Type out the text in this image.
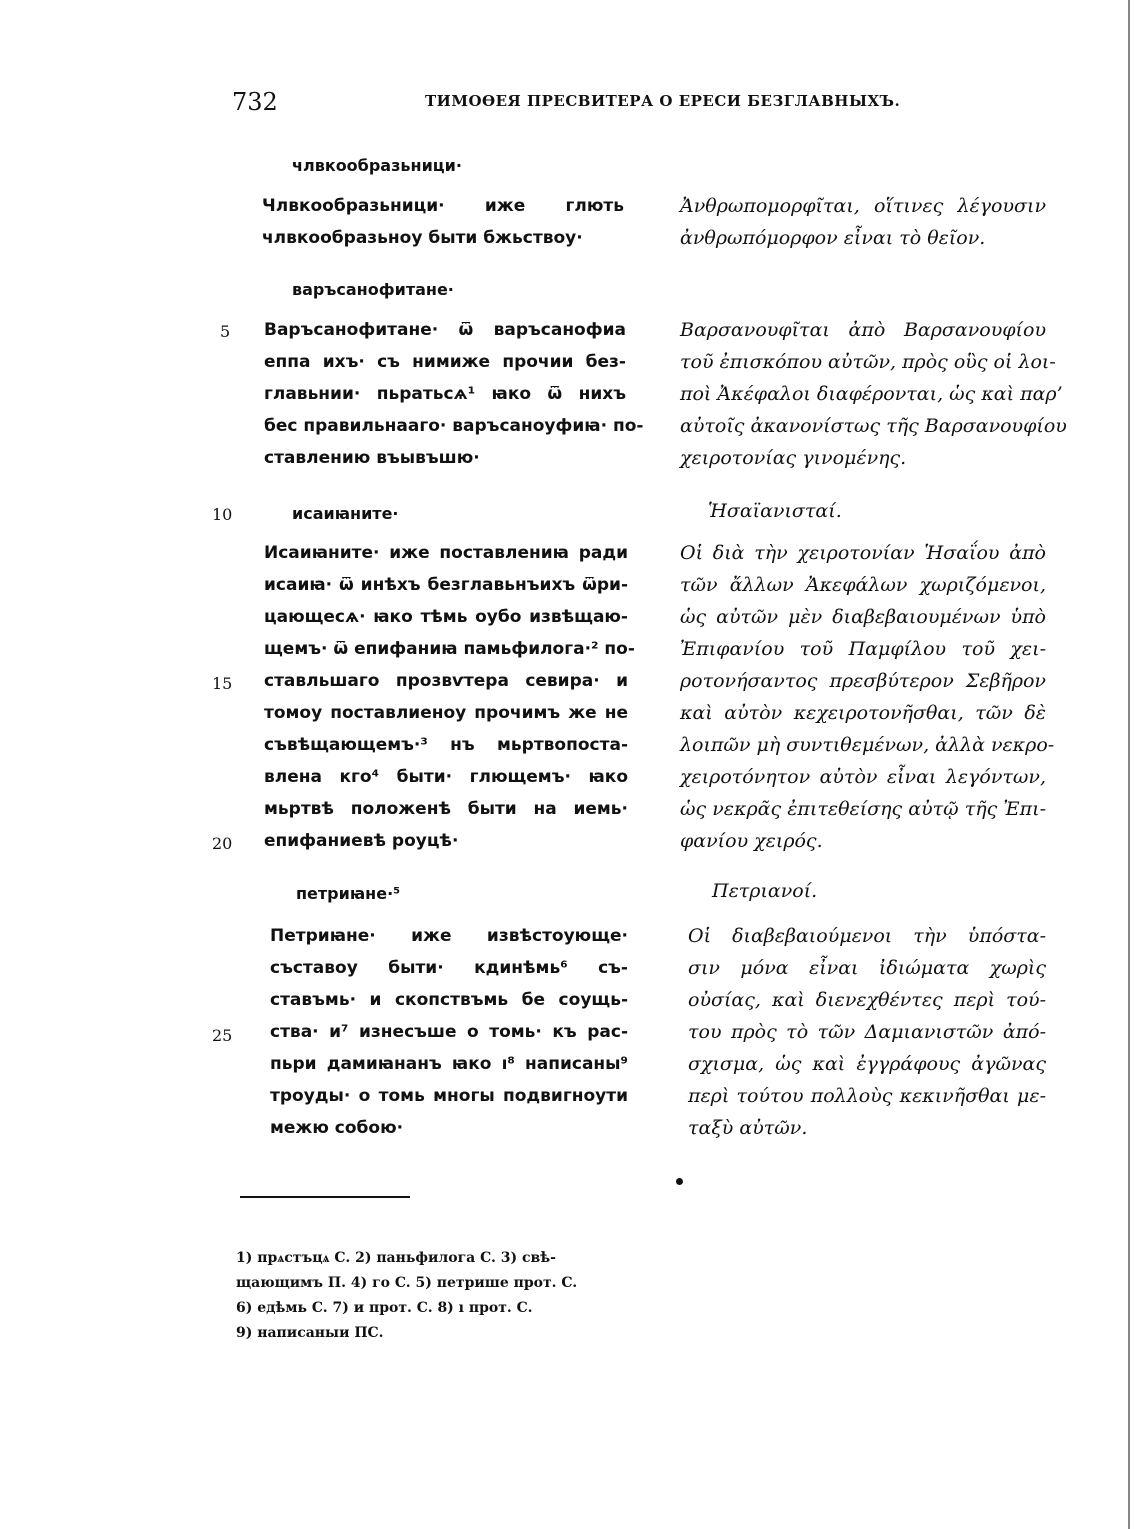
732	ТИМОѲЕЯ ПРЕСВИТЕРА О ЕРЕСИ БЕЗГЛАВНЫХЪ.
члвкообразьници·
Члвкообразьници· иже глють
члвкообразьноу быти бжьствоу·
Ἀνθρωπομορφῖται, οἵτινες λέγουσιν
ἀνθρωπόμορφον εἶναι τὸ θεῖον.
варъсанофитане·
5 Варъсанофитане· ѿ варъсанофиа
еппа ихъ· съ нимиже прочии без-
главьнии· пьратьсѧ¹ ꙗко ѿ нихъ
бес правильнааго· варъсаноуфиꙗ· по-
ставлению въывъшю·
Βαρσανουφῖται ἀπὸ Βαρσανουφίου
τοῦ ἐπισκόπου αὐτῶν, πρὸς οὓς οἱ λοι-
ποὶ Ἀκέφαλοι διαφέρονται, ὡς καὶ παρ’
αὐτοῖς ἀκανονίστως τῆς Βαρσανουφίου
χειροτονίας γινομένης.
10	исаиꙗните·	Ἡσαϊανισταί.
Исаиꙗните· иже поставлениꙗ ради
исаиꙗ· ѿ инѣхъ безглавьнъихъ ѿри-
цающесѧ· ꙗко тѣмь оубо извѣщаю-
щемъ· ѿ епифаниꙗ памьфилога·² по-
ставльшаго прозвѵтера севира· и
томоу поставлиеноу прочимъ же не
съвѣщающемъ·³ нъ мьртвопоста-
влена кго⁴ быти· глющемъ· ꙗко
мьртвѣ положенѣ быти на иемь·
епифаниевѣ роуцѣ·
15
20
Οἱ διὰ τὴν χειροτονίαν Ἡσαΐου ἀπὸ
τῶν ἄλλων Ἀκεφάλων χωριζόμενοι,
ὡς αὐτῶν μὲν διαβεβαιουμένων ὑπὸ
Ἐπιφανίου τοῦ Παμφίλου τοῦ χει-
ροτονήσαντος πρεσβύτερον Σεβῆρον
καὶ αὐτὸν κεχειροτονῆσθαι, τῶν δὲ
λοιπῶν μὴ συντιθεμένων, ἀλλὰ νεκρο-
χειροτόνητον αὐτὸν εἶναι λεγόντων,
ὡς νεκρᾶς ἐπιτεθείσης αὐτῷ τῆς Ἐπι-
φανίου χειρός.
петриꙗне·⁵	Πετριανοί.
Петриꙗне· иже извѣстоующе·
съставоу быти· кдинѣмь⁶ съ-
ставъмь· и скопствъмь бе соущь-
ства· и⁷ изнесъше о томь· къ рас-
пьри дамиꙗнанъ ꙗко ı⁸ написаны⁹
троуды· о томь многы подвигноути
межю собою·
25
Οἱ διαβεβαιούμενοι τὴν ὑπόστα-
σιν μόνα εἶναι ἰδιώματα χωρὶς
οὐσίας, καὶ διενεχθέντες περὶ τού-
του πρὸς τὸ τῶν Δαμιανιστῶν ἀπό-
σχισμα, ὡς καὶ ἐγγράφους ἀγῶνας
περὶ τούτου πολλοὺς κεκινῆσθαι με-
ταξὺ αὐτῶν.
1) прѧстъцѧ C. 2) паньфилога C. 3) свѣ-
щающимъ П. 4) го C. 5) петрише прот. C.
6) едѣмь C. 7) и прот. C. 8) ı прот. C.
9) написаныи ПС.
